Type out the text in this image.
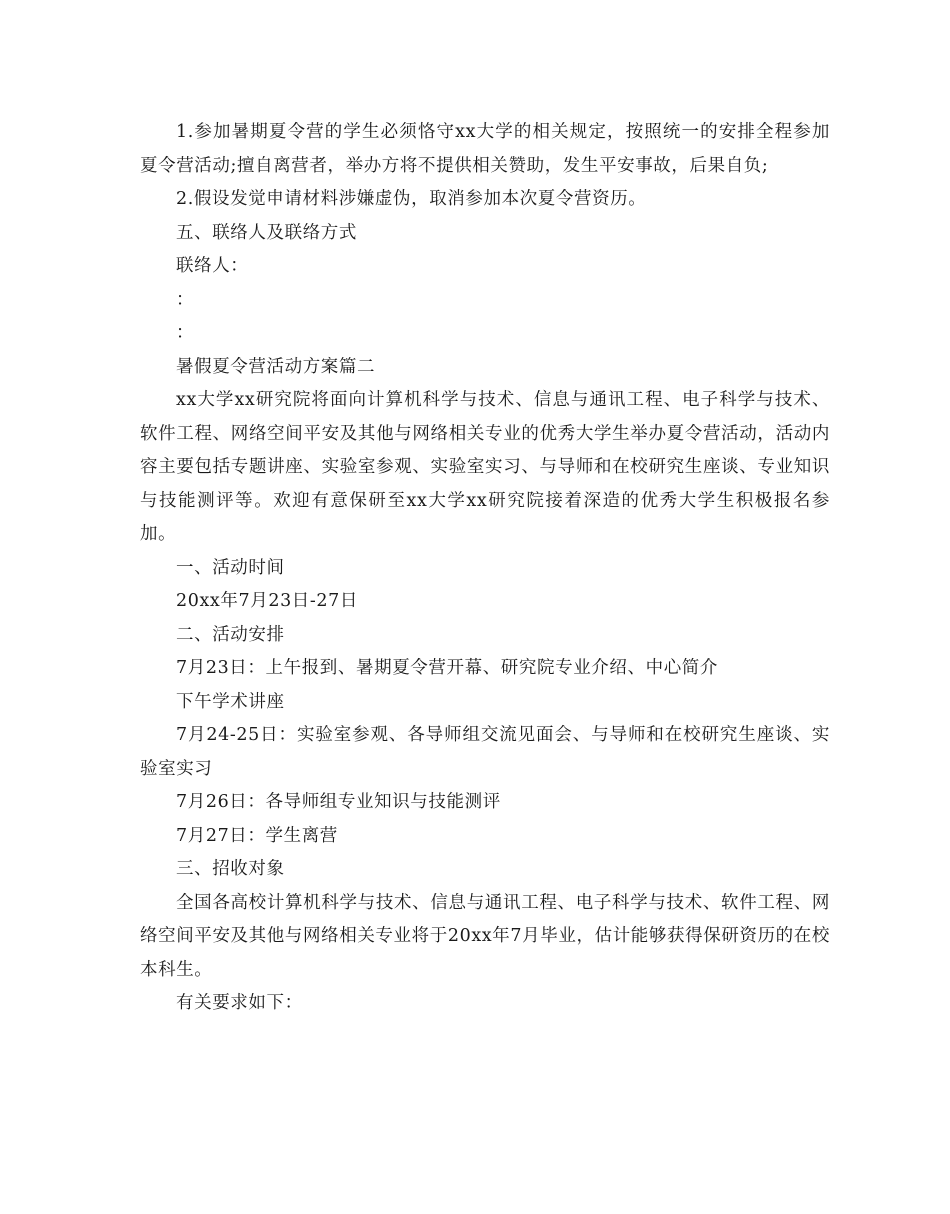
1.参加暑期夏令营的学生必须恪守xx大学的相关规定，按照统一的安排全程参加夏令营活动;擅自离营者，举办方将不提供相关赞助，发生平安事故，后果自负;

2.假设发觉申请材料涉嫌虚伪，取消参加本次夏令营资历。

五、联络人及联络方式

联络人：

：

：

暑假夏令营活动方案篇二

xx大学xx研究院将面向计算机科学与技术、信息与通讯工程、电子科学与技术、软件工程、网络空间平安及其他与网络相关专业的优秀大学生举办夏令营活动，活动内容主要包括专题讲座、实验室参观、实验室实习、与导师和在校研究生座谈、专业知识与技能测评等。欢迎有意保研至xx大学xx研究院接着深造的优秀大学生积极报名参加。

一、活动时间

20xx年7月23日-27日

二、活动安排

7月23日：上午报到、暑期夏令营开幕、研究院专业介绍、中心简介

下午学术讲座

7月24-25日：实验室参观、各导师组交流见面会、与导师和在校研究生座谈、实验室实习

7月26日：各导师组专业知识与技能测评

7月27日：学生离营

三、招收对象

全国各高校计算机科学与技术、信息与通讯工程、电子科学与技术、软件工程、网络空间平安及其他与网络相关专业将于20xx年7月毕业，估计能够获得保研资历的在校本科生。

有关要求如下：
